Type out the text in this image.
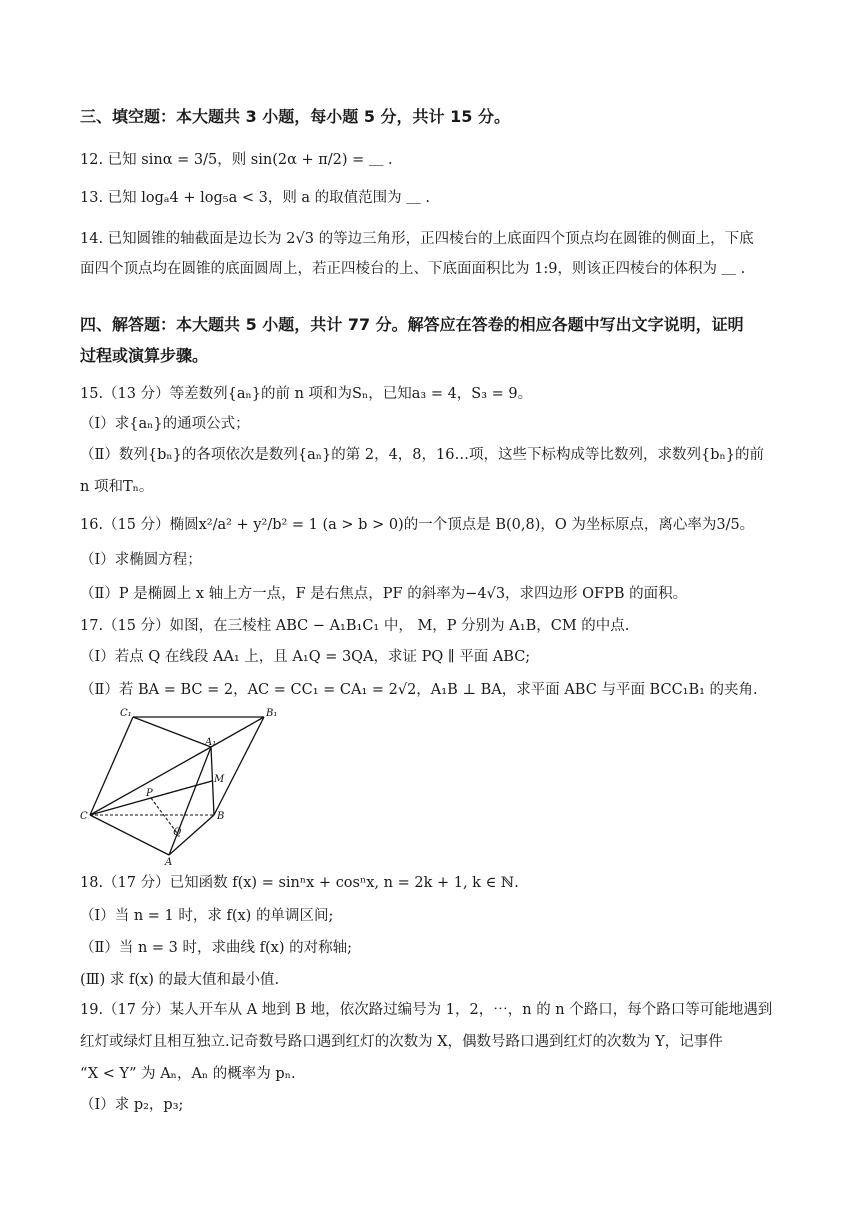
三、填空题：本大题共 3 小题，每小题 5 分，共计 15 分。
12. 已知 sinα = 3/5，则 sin(2α + π/2) = ＿ .
13. 已知 logₐ4 + log₅a < 3，则 a 的取值范围为 ＿ .
14. 已知圆锥的轴截面是边长为 2√3 的等边三角形，正四棱台的上底面四个顶点均在圆锥的侧面上，下底
面四个顶点均在圆锥的底面圆周上，若正四棱台的上、下底面面积比为 1:9，则该正四棱台的体积为 ＿ .
四、解答题：本大题共 5 小题，共计 77 分。解答应在答卷的相应各题中写出文字说明，证明
过程或演算步骤。
15.（13 分）等差数列{aₙ}的前 n 项和为Sₙ，已知a₃ = 4，S₃ = 9。
（Ⅰ）求{aₙ}的通项公式；
（Ⅱ）数列{bₙ}的各项依次是数列{aₙ}的第 2，4，8，16…项，这些下标构成等比数列，求数列{bₙ}的前
n 项和Tₙ。
16.（15 分）椭圆x²/a² + y²/b² = 1 (a > b > 0)的一个顶点是 B(0,8)，O 为坐标原点，离心率为3/5。
（Ⅰ）求椭圆方程；
（Ⅱ）P 是椭圆上 x 轴上方一点，F 是右焦点，PF 的斜率为−4√3，求四边形 OFPB 的面积。
17.（15 分）如图，在三棱柱 ABC − A₁B₁C₁ 中， M，P 分别为 A₁B，CM 的中点.
（Ⅰ）若点 Q 在线段 AA₁ 上，且 A₁Q = 3QA，求证 PQ ∥ 平面 ABC;
（Ⅱ）若 BA = BC = 2，AC = CC₁ = CA₁ = 2√2，A₁B ⊥ BA，求平面 ABC 与平面 BCC₁B₁ 的夹角.
C₁	B₁
A₁
M
P
C	B
Q
A
18.（17 分）已知函数 f(x) = sinⁿx + cosⁿx, n = 2k + 1, k ∈ ℕ.
（Ⅰ）当 n = 1 时，求 f(x) 的单调区间;
（Ⅱ）当 n = 3 时，求曲线 f(x) 的对称轴;
(Ⅲ) 求 f(x) 的最大值和最小值.
19.（17 分）某人开车从 A 地到 B 地，依次路过编号为 1，2，⋯，n 的 n 个路口，每个路口等可能地遇到
红灯或绿灯且相互独立.记奇数号路口遇到红灯的次数为 X，偶数号路口遇到红灯的次数为 Y，记事件
“X < Y” 为 Aₙ，Aₙ 的概率为 pₙ.
（Ⅰ）求 p₂，p₃;
